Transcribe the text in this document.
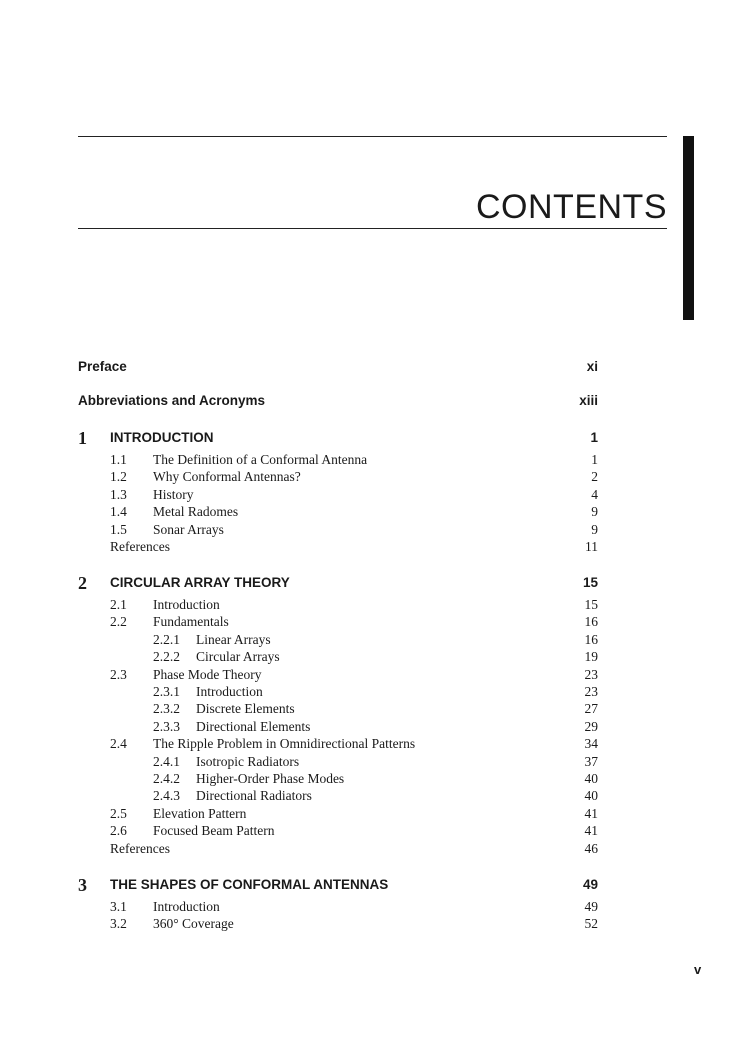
CONTENTS
Preface	xi
Abbreviations and Acronyms	xiii
1 INTRODUCTION	1
1.1 The Definition of a Conformal Antenna	1
1.2 Why Conformal Antennas?	2
1.3 History	4
1.4 Metal Radomes	9
1.5 Sonar Arrays	9
References	11
2 CIRCULAR ARRAY THEORY	15
2.1 Introduction	15
2.2 Fundamentals	16
2.2.1 Linear Arrays	16
2.2.2 Circular Arrays	19
2.3 Phase Mode Theory	23
2.3.1 Introduction	23
2.3.2 Discrete Elements	27
2.3.3 Directional Elements	29
2.4 The Ripple Problem in Omnidirectional Patterns	34
2.4.1 Isotropic Radiators	37
2.4.2 Higher-Order Phase Modes	40
2.4.3 Directional Radiators	40
2.5 Elevation Pattern	41
2.6 Focused Beam Pattern	41
References	46
3 THE SHAPES OF CONFORMAL ANTENNAS	49
3.1 Introduction	49
3.2 360° Coverage	52
v
